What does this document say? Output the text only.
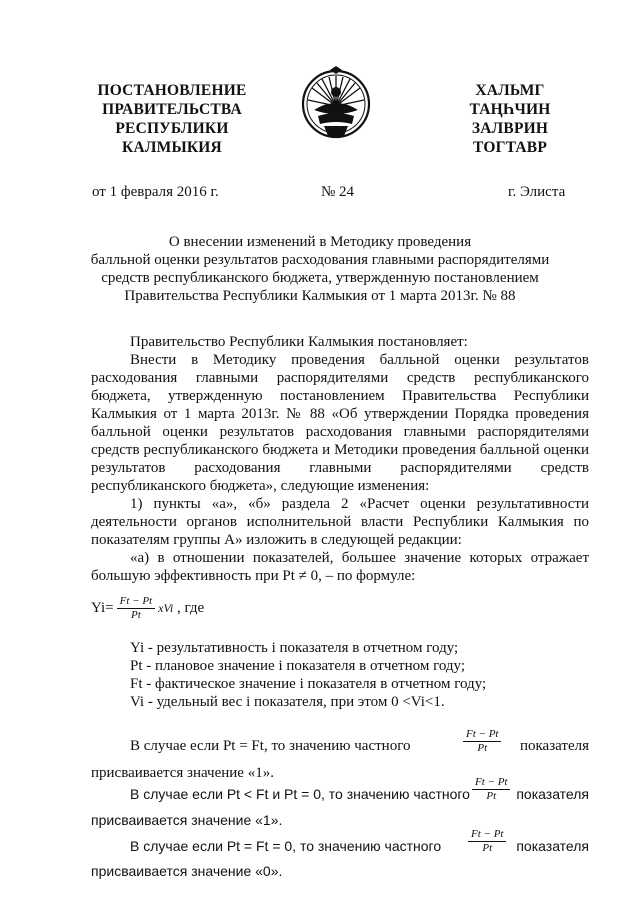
ПОСТАНОВЛЕНИЕ
ПРАВИТЕЛЬСТВА
РЕСПУБЛИКИ
КАЛМЫКИЯ
ХАЛЬМГ
ТАҢҺЧИН
ЗАЛВРИН
ТОГТАВР
от 1 февраля 2016 г.	№ 24	г. Элиста
О внесении изменений в Методику проведения
балльной оценки результатов расходования главными распорядителями
средств республиканского бюджета, утвержденную постановлением
Правительства Республики Калмыкия от 1 марта 2013г. № 88
Правительство Республики Калмыкия постановляет:
Внести в Методику проведения балльной оценки результатов
расходования главными распорядителями средств республиканского
бюджета, утвержденную постановлением Правительства Республики
Калмыкия от 1 марта 2013г. № 88 «Об утверждении Порядка проведения
балльной оценки результатов расходования главными распорядителями
средств республиканского бюджета и Методики проведения балльной оценки
результатов расходования главными распорядителями средств
республиканского бюджета», следующие изменения:
1) пункты «а», «б» раздела 2 «Расчет оценки результативности
деятельности органов исполнительной власти Республики Калмыкия по
показателям группы А» изложить в следующей редакции:
«а) в отношении показателей, большее значение которых отражает
большую эффективность при Pt ≠ 0, – по формуле:
$Yi= \frac{Ft - Pt}{Pt}$ xVi , где
Yi - результативность i показателя в отчетном году;
Pt - плановое значение i показателя в отчетном году;
Ft - фактическое значение i показателя в отчетном году;
Vi - удельный вес i показателя, при этом 0 <Vi<1.
В случае если Pt = Ft, то значению частного	$\frac{Ft - Pt}{Pt}$ показателя
присваивается значение «1».
В случае если Pt < Ft и Pt = 0, то значению частного $\frac{Ft - Pt}{Pt}$ показателя
присваивается значение «1».
В случае если Pt = Ft = 0, то значению частного $\frac{Ft - Pt}{Pt}$ показателя
присваивается значение «0».
